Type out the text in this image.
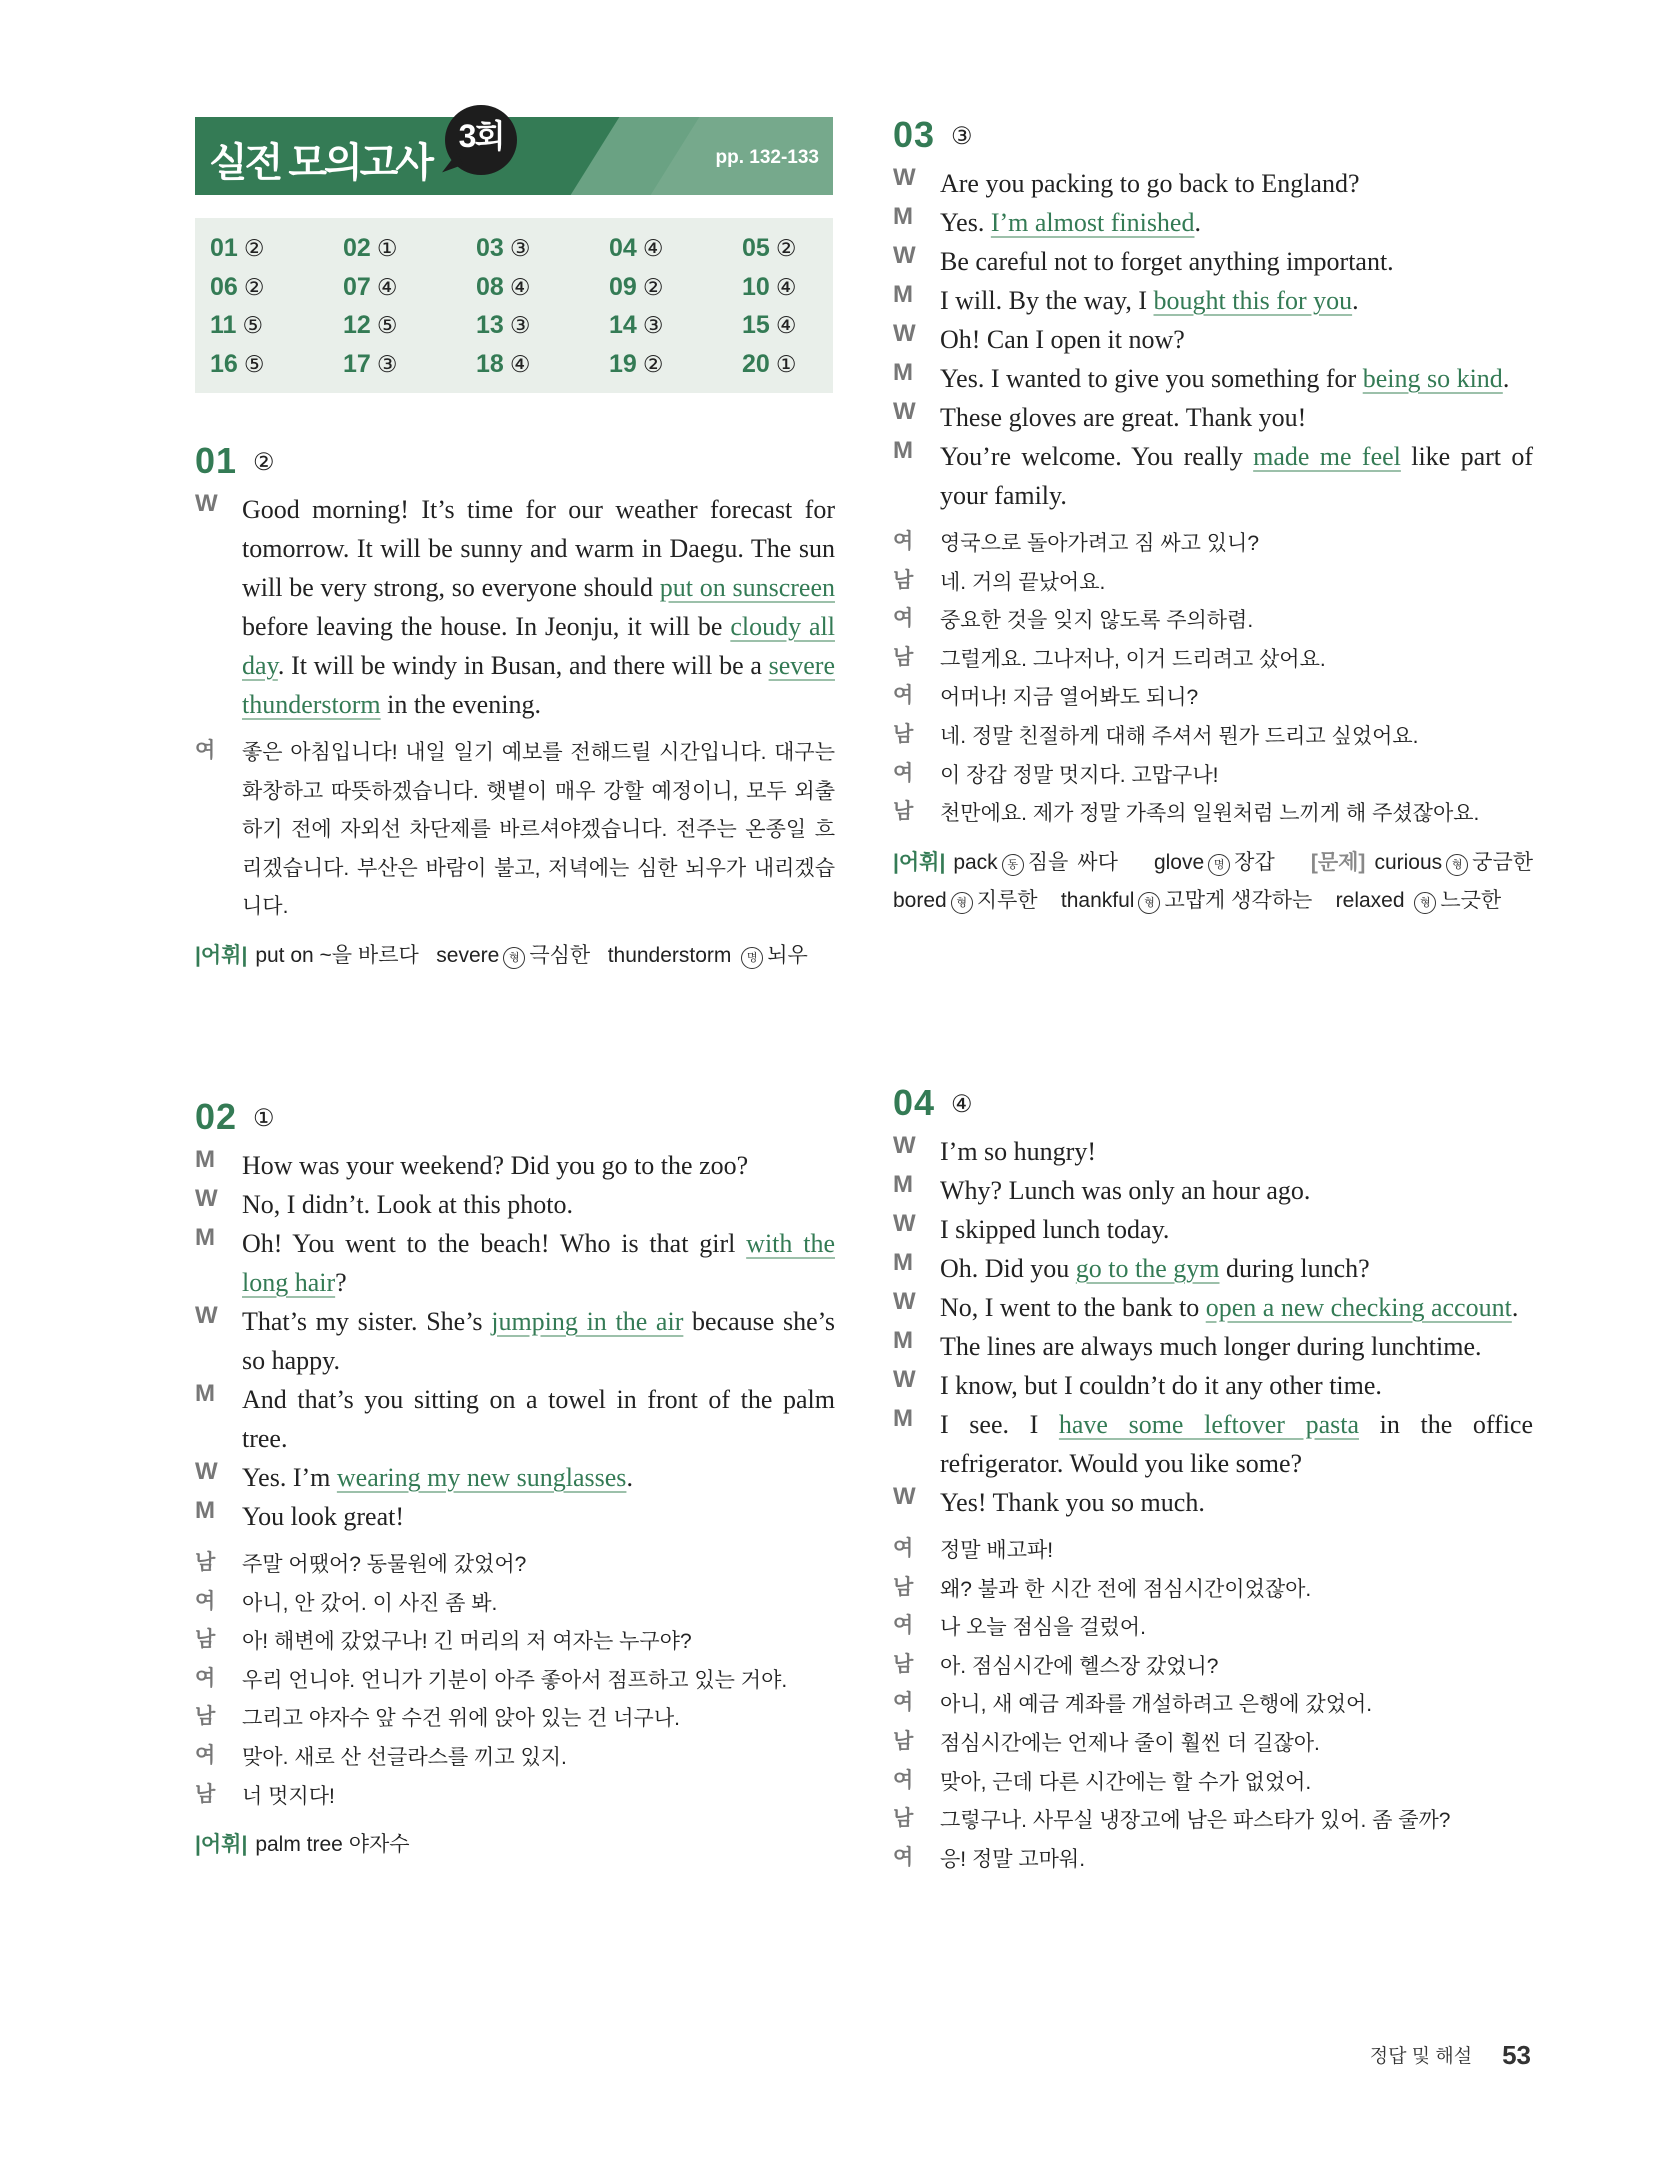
실전 모의고사	pp. 132-133
3회
01 ②	02 ①	03 ③	04 ④	05 ②
06 ②	07 ④	08 ④	09 ②	10 ④
11 ⑤	12 ⑤	13 ③	14 ③	15 ④
16 ⑤	17 ③	18 ④	19 ②	20 ①
01 ②
W Good morning! It’s time for our weather forecast for tomorrow. It will be sunny and warm in Daegu. The sun will be very strong, so everyone should put on sunscreen before leaving the house. In Jeonju, it will be cloudy all day. It will be windy in Busan, and there will be a severe thunderstorm in the evening.
여 좋은 아침입니다! 내일 일기 예보를 전해드릴 시간입니다. 대구는 화창하고 따뜻하겠습니다. 햇볕이 매우 강할 예정이니, 모두 외출하기 전에 자외선 차단제를 바르셔야겠습니다. 전주는 온종일 흐리겠습니다. 부산은 바람이 불고, 저녁에는 심한 뇌우가 내리겠습니다.
|어휘| put on ~을 바르다   severe 형 극심한   thunderstorm 명 뇌우
02 ①
M How was your weekend? Did you go to the zoo?
W No, I didn’t. Look at this photo.
M Oh! You went to the beach! Who is that girl with the long hair?
W That’s my sister. She’s jumping in the air because she’s so happy.
M And that’s you sitting on a towel in front of the palm tree.
W Yes. I’m wearing my new sunglasses.
M You look great!
남 주말 어땠어? 동물원에 갔었어?
여 아니, 안 갔어. 이 사진 좀 봐.
남 아! 해변에 갔었구나! 긴 머리의 저 여자는 누구야?
여 우리 언니야. 언니가 기분이 아주 좋아서 점프하고 있는 거야.
남 그리고 야자수 앞 수건 위에 앉아 있는 건 너구나.
여 맞아. 새로 산 선글라스를 끼고 있지.
남 너 멋지다!
|어휘| palm tree 야자수
03 ③
W Are you packing to go back to England?
M Yes. I’m almost finished.
W Be careful not to forget anything important.
M I will. By the way, I bought this for you.
W Oh! Can I open it now?
M Yes. I wanted to give you something for being so kind.
W These gloves are great. Thank you!
M You’re welcome. You really made me feel like part of your family.
여 영국으로 돌아가려고 짐 싸고 있니?
남 네. 거의 끝났어요.
여 중요한 것을 잊지 않도록 주의하렴.
남 그럴게요. 그나저나, 이거 드리려고 샀어요.
여 어머나! 지금 열어봐도 되니?
남 네. 정말 친절하게 대해 주셔서 뭔가 드리고 싶었어요.
여 이 장갑 정말 멋지다. 고맙구나!
남 천만에요. 제가 정말 가족의 일원처럼 느끼게 해 주셨잖아요.
|어휘| pack 동 짐을 싸다    glove 명 장갑    [문제] curious 형 궁금한    bored 형 지루한    thankful 형 고맙게 생각하는    relaxed 형 느긋한
04 ④
W I’m so hungry!
M Why? Lunch was only an hour ago.
W I skipped lunch today.
M Oh. Did you go to the gym during lunch?
W No, I went to the bank to open a new checking account.
M The lines are always much longer during lunchtime.
W I know, but I couldn’t do it any other time.
M I see. I have some leftover pasta in the office refrigerator. Would you like some?
W Yes! Thank you so much.
여 정말 배고파!
남 왜? 불과 한 시간 전에 점심시간이었잖아.
여 나 오늘 점심을 걸렀어.
남 아. 점심시간에 헬스장 갔었니?
여 아니, 새 예금 계좌를 개설하려고 은행에 갔었어.
남 점심시간에는 언제나 줄이 훨씬 더 길잖아.
여 맞아, 근데 다른 시간에는 할 수가 없었어.
남 그렇구나. 사무실 냉장고에 남은 파스타가 있어. 좀 줄까?
여 응! 정말 고마워.
정답 및 해설 53
